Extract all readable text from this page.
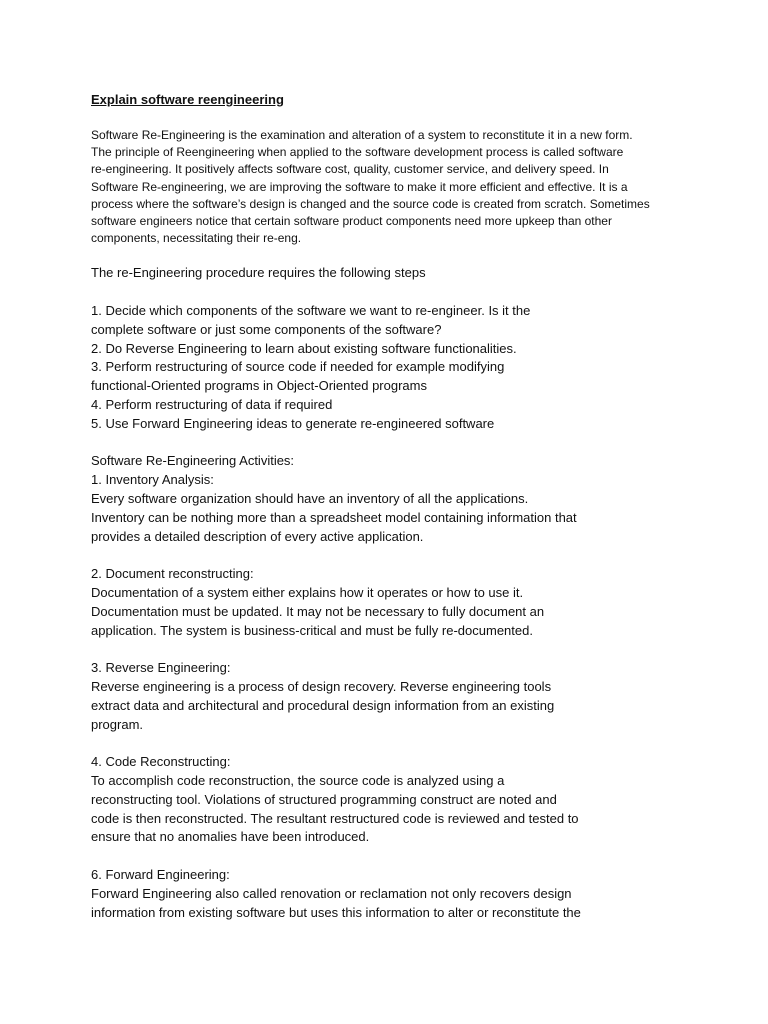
Explain software reengineering
Software Re-Engineering is the examination and alteration of a system to reconstitute it in a new form.
The principle of Reengineering when applied to the software development process is called software
re-engineering. It positively affects software cost, quality, customer service, and delivery speed. In
Software Re-engineering, we are improving the software to make it more efficient and effective. It is a
process where the software’s design is changed and the source code is created from scratch. Sometimes
software engineers notice that certain software product components need more upkeep than other
components, necessitating their re-eng.
The re-Engineering procedure requires the following steps
1. Decide which components of the software we want to re-engineer. Is it the
complete software or just some components of the software?
2. Do Reverse Engineering to learn about existing software functionalities.
3. Perform restructuring of source code if needed for example modifying
functional-Oriented programs in Object-Oriented programs
4. Perform restructuring of data if required
5. Use Forward Engineering ideas to generate re-engineered software
Software Re-Engineering Activities:
1. Inventory Analysis:
Every software organization should have an inventory of all the applications.
Inventory can be nothing more than a spreadsheet model containing information that
provides a detailed description of every active application.
2. Document reconstructing:
Documentation of a system either explains how it operates or how to use it.
Documentation must be updated. It may not be necessary to fully document an
application. The system is business-critical and must be fully re-documented.
3. Reverse Engineering:
Reverse engineering is a process of design recovery. Reverse engineering tools
extract data and architectural and procedural design information from an existing
program.
4. Code Reconstructing:
To accomplish code reconstruction, the source code is analyzed using a
reconstructing tool. Violations of structured programming construct are noted and
code is then reconstructed. The resultant restructured code is reviewed and tested to
ensure that no anomalies have been introduced.
6. Forward Engineering:
Forward Engineering also called renovation or reclamation not only recovers design
information from existing software but uses this information to alter or reconstitute the
